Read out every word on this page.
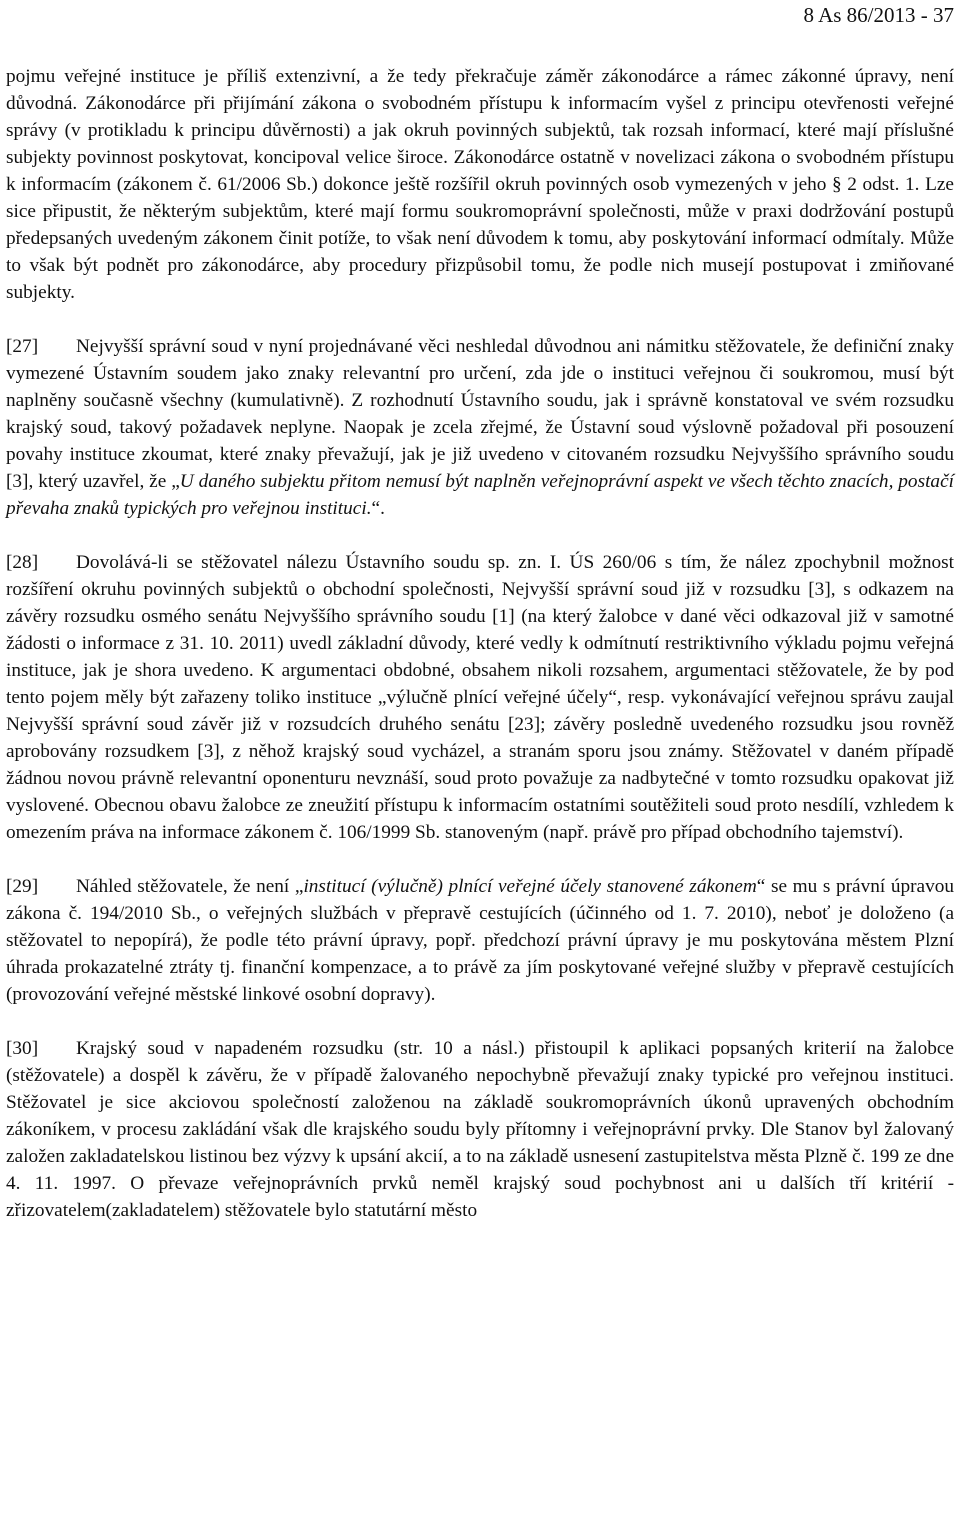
8 As 86/2013 - 37

pojmu veřejné instituce je příliš extenzivní, a že tedy překračuje záměr zákonodárce a rámec zákonné úpravy, není důvodná. Zákonodárce při přijímání zákona o svobodném přístupu k informacím vyšel z principu otevřenosti veřejné správy (v protikladu k principu důvěrnosti) a jak okruh povinných subjektů, tak rozsah informací, které mají příslušné subjekty povinnost poskytovat, koncipoval velice široce. Zákonodárce ostatně v novelizaci zákona o svobodném přístupu k informacím (zákonem č. 61/2006 Sb.) dokonce ještě rozšířil okruh povinných osob vymezených v jeho § 2 odst. 1. Lze sice připustit, že některým subjektům, které mají formu soukromoprávní společnosti, může v praxi dodržování postupů předepsaných uvedeným zákonem činit potíže, to však není důvodem k tomu, aby poskytování informací odmítaly. Může to však být podnět pro zákonodárce, aby procedury přizpůsobil tomu, že podle nich musejí postupovat i zmiňované subjekty.

[27] Nejvyšší správní soud v nyní projednávané věci neshledal důvodnou ani námitku stěžovatele, že definiční znaky vymezené Ústavním soudem jako znaky relevantní pro určení, zda jde o instituci veřejnou či soukromou, musí být naplněny současně všechny (kumulativně). Z rozhodnutí Ústavního soudu, jak i správně konstatoval ve svém rozsudku krajský soud, takový požadavek neplyne. Naopak je zcela zřejmé, že Ústavní soud výslovně požadoval při posouzení povahy instituce zkoumat, které znaky převažují, jak je již uvedeno v citovaném rozsudku Nejvyššího správního soudu [3], který uzavřel, že „U daného subjektu přitom nemusí být naplněn veřejnoprávní aspekt ve všech těchto znacích, postačí převaha znaků typických pro veřejnou instituci.“.

[28] Dovolává-li se stěžovatel nálezu Ústavního soudu sp. zn. I. ÚS 260/06 s tím, že nález zpochybnil možnost rozšíření okruhu povinných subjektů o obchodní společnosti, Nejvyšší správní soud již v rozsudku [3], s odkazem na závěry rozsudku osmého senátu Nejvyššího správního soudu [1] (na který žalobce v dané věci odkazoval již v samotné žádosti o informace z 31. 10. 2011) uvedl základní důvody, které vedly k odmítnutí restriktivního výkladu pojmu veřejná instituce, jak je shora uvedeno. K argumentaci obdobné, obsahem nikoli rozsahem, argumentaci stěžovatele, že by pod tento pojem měly být zařazeny toliko instituce „výlučně plnící veřejné účely“, resp. vykonávající veřejnou správu zaujal Nejvyšší správní soud závěr již v rozsudcích druhého senátu [23]; závěry posledně uvedeného rozsudku jsou rovněž aprobovány rozsudkem [3], z něhož krajský soud vycházel, a stranám sporu jsou známy. Stěžovatel v daném případě žádnou novou právně relevantní oponenturu nevznáší, soud proto považuje za nadbytečné v tomto rozsudku opakovat již vyslovené. Obecnou obavu žalobce ze zneužití přístupu k informacím ostatními soutěžiteli soud proto nesdílí, vzhledem k omezením práva na informace zákonem č. 106/1999 Sb. stanoveným (např. právě pro případ obchodního tajemství).

[29] Náhled stěžovatele, že není „institucí (výlučně) plnící veřejné účely stanovené zákonem“ se mu s právní úpravou zákona č. 194/2010 Sb., o veřejných službách v přepravě cestujících (účinného od 1. 7. 2010), neboť je doloženo (a stěžovatel to nepopírá), že podle této právní úpravy, popř. předchozí právní úpravy je mu poskytována městem Plzní úhrada prokazatelné ztráty tj. finanční kompenzace, a to právě za jím poskytované veřejné služby v přepravě cestujících (provozování veřejné městské linkové osobní dopravy).

[30] Krajský soud v napadeném rozsudku (str. 10 a násl.) přistoupil k aplikaci popsaných kriterií na žalobce (stěžovatele) a dospěl k závěru, že v případě žalovaného nepochybně převažují znaky typické pro veřejnou instituci. Stěžovatel je sice akciovou společností založenou na základě soukromoprávních úkonů upravených obchodním zákoníkem, v procesu zakládání však dle krajského soudu byly přítomny i veřejnoprávní prvky. Dle Stanov byl žalovaný založen zakladatelskou listinou bez výzvy k upsání akcií, a to na základě usnesení zastupitelstva města Plzně č. 199 ze dne 4. 11. 1997. O převaze veřejnoprávních prvků neměl krajský soud pochybnost ani u dalších tří kritérií - zřizovatelem(zakladatelem) stěžovatele bylo statutární město
